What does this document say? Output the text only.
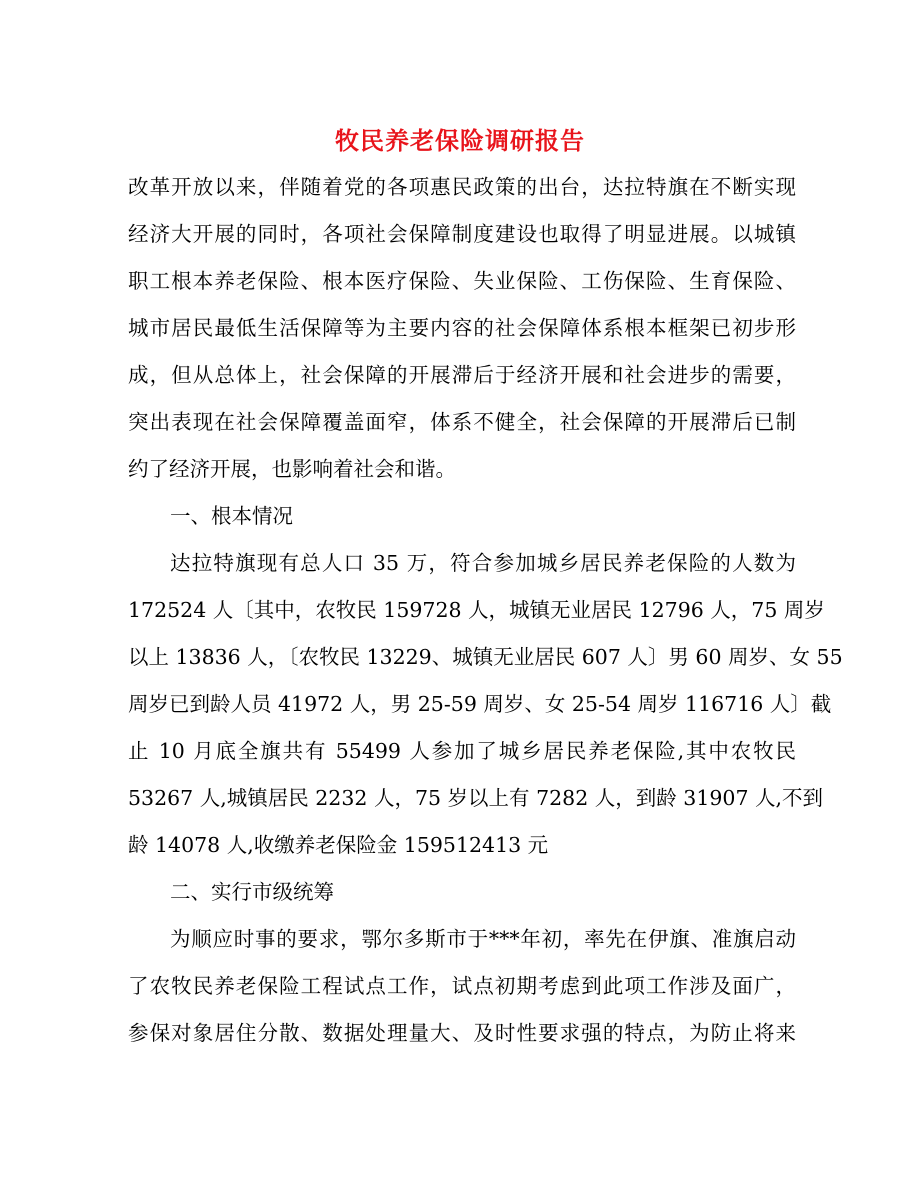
牧民养老保险调研报告
改革开放以来，伴随着党的各项惠民政策的出台，达拉特旗在不断实现
经济大开展的同时，各项社会保障制度建设也取得了明显进展。以城镇
职工根本养老保险、根本医疗保险、失业保险、工伤保险、生育保险、
城市居民最低生活保障等为主要内容的社会保障体系根本框架已初步形
成，但从总体上，社会保障的开展滞后于经济开展和社会进步的需要，
突出表现在社会保障覆盖面窄，体系不健全，社会保障的开展滞后已制
约了经济开展，也影响着社会和谐。
一、根本情况
达拉特旗现有总人口 35 万，符合参加城乡居民养老保险的人数为
172524 人〔其中，农牧民 159728 人，城镇无业居民 12796 人，75 周岁
以上 13836 人，〔农牧民 13229、城镇无业居民 607 人〕男 60 周岁、女 55
周岁已到龄人员 41972 人，男 25-59 周岁、女 25-54 周岁 116716 人〕截
止 10 月底全旗共有 55499 人参加了城乡居民养老保险,其中农牧民
53267 人,城镇居民 2232 人，75 岁以上有 7282 人，到龄 31907 人,不到
龄 14078 人,收缴养老保险金 159512413 元
二、实行市级统筹
为顺应时事的要求，鄂尔多斯市于***年初，率先在伊旗、准旗启动
了农牧民养老保险工程试点工作，试点初期考虑到此项工作涉及面广，
参保对象居住分散、数据处理量大、及时性要求强的特点，为防止将来
